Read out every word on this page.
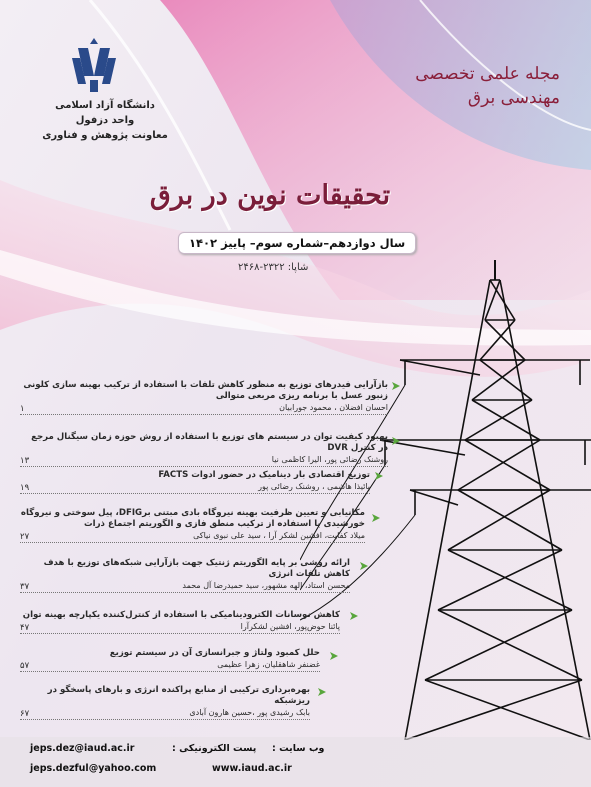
دانشگاه آزاد اسلامی
واحد دزفول
معاونت پژوهش و فناوری
مجله علمی تخصصی
مهندسی برق
تحقیقات نوین در برق
سال دوازدهم–شماره سوم– پاییز ۱۴۰۲
شاپا: ۲۳۲۲-۲۴۶۸
بازآرایی فیدرهای توزیع به منظور کاهش تلفات با استفاده از ترکیب بهینه سازی کلونی زنبور عسل با برنامه ریزی مربعی متوالی
احسان افضلان ، محمود جورابیان
۱
بهبود کیفیت توان در سیستم های توزیع با استفاده از روش حوزه زمان سیگنال مرجع در کنترل DVR
روشنک رضائی پور، الیرا کاظمی نیا
۱۳
توزیع اقتصادی بار دینامیک در حضور ادوات FACTS
پائیذا هاشمی ، روشنک رضائی پور
۱۹
مکانیابی و تعیین ظرفیت بهینه نیروگاه بادی مبتنی برDFIG، پیل سوختی و نیروگاه خورشیدی با استفاده از ترکیب منطق فازی و الگوریتم اجتماع ذرات
میلاد کفایت، افشین لشکر آرا ، سید علی نبوی نیاکی
۲۷
ارائه روشی بر پایه الگوریتم ژنتیک جهت بازآرایی شبکه‌های توزیع با هدف کاهش تلفات انرژی
محسن استاد، الهه مشهور، سید حمیدرضا آل محمد
۳۷
کاهش نوسانات الکترودینامیکی با استفاده از کنترل‌کننده یکپارچه بهینه توان
پائنا حوض‌پور، افشین لشکرآرا
۴۷
حلل کمبود ولتاژ و جبرانسازی آن در سیستم توزیع
غضنفر شاهقلیان، زهرا عظیمی
۵۷
بهره‌برداری ترکیبی از منابع پراکنده انرژی و بارهای پاسخگو در ریزشبکه
بابک رشیدی پور ،حسین هارون آبادی
۶۷
پست الکترونیکی :
jeps.dez@iaud.ac.ir
jeps.dezful@yahoo.com
وب سایت :
www.iaud.ac.ir
